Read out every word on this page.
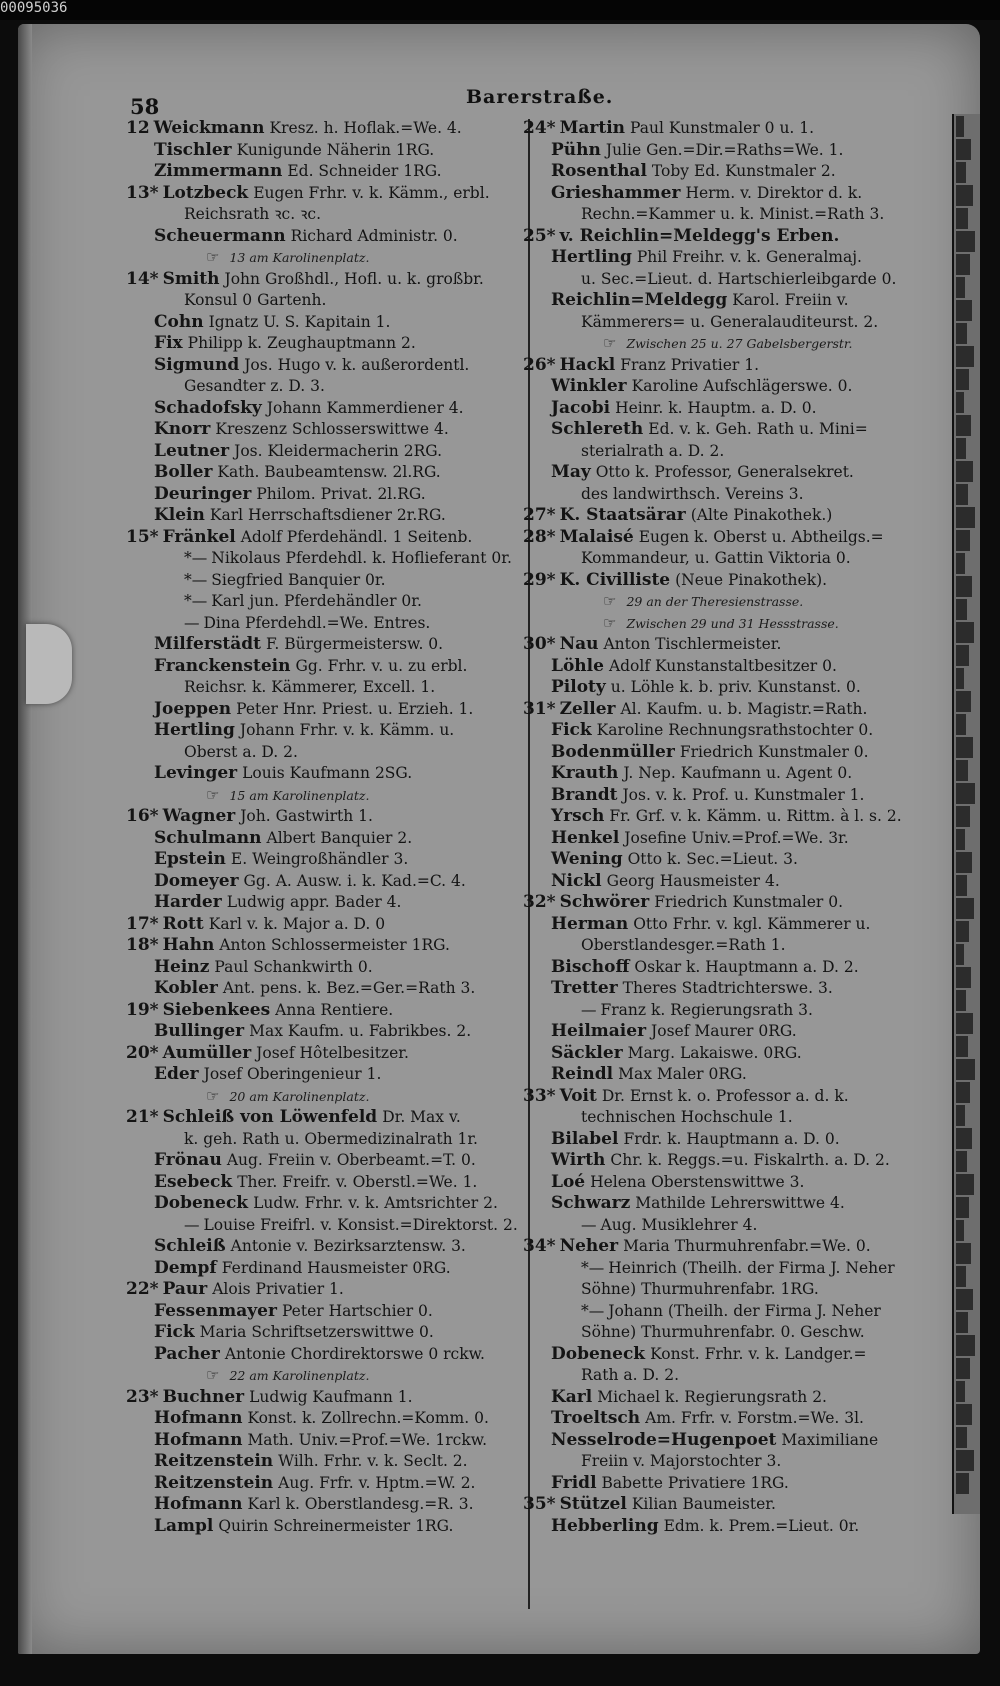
00095036
58	Barerstraße.
12 Weickmann Kresz. h. Hoflak.=We. 4.
Tischler Kunigunde Näherin 1RG.
Zimmermann Ed. Schneider 1RG.
13* Lotzbeck Eugen Frhr. v. k. Kämm., erbl.
Reichsrath ꝛc. ꝛc.
Scheuermann Richard Administr. 0.
☞ 13 am Karolinenplatz.
14* Smith John Großhdl., Hofl. u. k. großbr.
Konsul 0 Gartenh.
Cohn Ignatz U. S. Kapitain 1.
Fix Philipp k. Zeughauptmann 2.
Sigmund Jos. Hugo v. k. außerordentl.
Gesandter z. D. 3.
Schadofsky Johann Kammerdiener 4.
Knorr Kreszenz Schlosserswittwe 4.
Leutner Jos. Kleidermacherin 2RG.
Boller Kath. Baubeamtensw. 2l.RG.
Deuringer Philom. Privat. 2l.RG.
Klein Karl Herrschaftsdiener 2r.RG.
15* Fränkel Adolf Pferdehändl. 1 Seitenb.
*— Nikolaus Pferdehdl. k. Hoflieferant 0r.
*— Siegfried Banquier 0r.
*— Karl jun. Pferdehändler 0r.
— Dina Pferdehdl.=We. Entres.
Milferstädt F. Bürgermeistersw. 0.
Franckenstein Gg. Frhr. v. u. zu erbl.
Reichsr. k. Kämmerer, Excell. 1.
Joeppen Peter Hnr. Priest. u. Erzieh. 1.
Hertling Johann Frhr. v. k. Kämm. u.
Oberst a. D. 2.
Levinger Louis Kaufmann 2SG.
☞ 15 am Karolinenplatz.
16* Wagner Joh. Gastwirth 1.
Schulmann Albert Banquier 2.
Epstein E. Weingroßhändler 3.
Domeyer Gg. A. Ausw. i. k. Kad.=C. 4.
Harder Ludwig appr. Bader 4.
17* Rott Karl v. k. Major a. D. 0
18* Hahn Anton Schlossermeister 1RG.
Heinz Paul Schankwirth 0.
Kobler Ant. pens. k. Bez.=Ger.=Rath 3.
19* Siebenkees Anna Rentiere.
Bullinger Max Kaufm. u. Fabrikbes. 2.
20* Aumüller Josef Hôtelbesitzer.
Eder Josef Oberingenieur 1.
☞ 20 am Karolinenplatz.
21* Schleiß von Löwenfeld Dr. Max v.
k. geh. Rath u. Obermedizinalrath 1r.
Frönau Aug. Freiin v. Oberbeamt.=T. 0.
Esebeck Ther. Freifr. v. Oberstl.=We. 1.
Dobeneck Ludw. Frhr. v. k. Amtsrichter 2.
— Louise Freifrl. v. Konsist.=Direktorst. 2.
Schleiß Antonie v. Bezirksarztensw. 3.
Dempf Ferdinand Hausmeister 0RG.
22* Paur Alois Privatier 1.
Fessenmayer Peter Hartschier 0.
Fick Maria Schriftsetzerswittwe 0.
Pacher Antonie Chordirektorswe 0 rckw.
☞ 22 am Karolinenplatz.
23* Buchner Ludwig Kaufmann 1.
Hofmann Konst. k. Zollrechn.=Komm. 0.
Hofmann Math. Univ.=Prof.=We. 1rckw.
Reitzenstein Wilh. Frhr. v. k. Seclt. 2.
Reitzenstein Aug. Frfr. v. Hptm.=W. 2.
Hofmann Karl k. Oberstlandesg.=R. 3.
Lampl Quirin Schreinermeister 1RG.
24* Martin Paul Kunstmaler 0 u. 1.
Pühn Julie Gen.=Dir.=Raths=We. 1.
Rosenthal Toby Ed. Kunstmaler 2.
Grieshammer Herm. v. Direktor d. k.
Rechn.=Kammer u. k. Minist.=Rath 3.
25* v. Reichlin=Meldegg's Erben.
Hertling Phil Freihr. v. k. Generalmaj.
u. Sec.=Lieut. d. Hartschierleibgarde 0.
Reichlin=Meldegg Karol. Freiin v.
Kämmerers= u. Generalauditeurst. 2.
☞ Zwischen 25 u. 27 Gabelsbergerstr.
26* Hackl Franz Privatier 1.
Winkler Karoline Aufschlägerswe. 0.
Jacobi Heinr. k. Hauptm. a. D. 0.
Schlereth Ed. v. k. Geh. Rath u. Mini=
sterialrath a. D. 2.
May Otto k. Professor, Generalsekret.
des landwirthsch. Vereins 3.
27* K. Staatsärar (Alte Pinakothek.)
28* Malaisé Eugen k. Oberst u. Abtheilgs.=
Kommandeur, u. Gattin Viktoria 0.
29* K. Civilliste (Neue Pinakothek).
☞ 29 an der Theresienstrasse.
☞ Zwischen 29 und 31 Hessstrasse.
30* Nau Anton Tischlermeister.
Löhle Adolf Kunstanstaltbesitzer 0.
Piloty u. Löhle k. b. priv. Kunstanst. 0.
31* Zeller Al. Kaufm. u. b. Magistr.=Rath.
Fick Karoline Rechnungsrathstochter 0.
Bodenmüller Friedrich Kunstmaler 0.
Krauth J. Nep. Kaufmann u. Agent 0.
Brandt Jos. v. k. Prof. u. Kunstmaler 1.
Yrsch Fr. Grf. v. k. Kämm. u. Rittm. à l. s. 2.
Henkel Josefine Univ.=Prof.=We. 3r.
Wening Otto k. Sec.=Lieut. 3.
Nickl Georg Hausmeister 4.
32* Schwörer Friedrich Kunstmaler 0.
Herman Otto Frhr. v. kgl. Kämmerer u.
Oberstlandesger.=Rath 1.
Bischoff Oskar k. Hauptmann a. D. 2.
Tretter Theres Stadtrichterswe. 3.
— Franz k. Regierungsrath 3.
Heilmaier Josef Maurer 0RG.
Säckler Marg. Lakaiswe. 0RG.
Reindl Max Maler 0RG.
33* Voit Dr. Ernst k. o. Professor a. d. k.
technischen Hochschule 1.
Bilabel Frdr. k. Hauptmann a. D. 0.
Wirth Chr. k. Reggs.=u. Fiskalrth. a. D. 2.
Loé Helena Oberstenswittwe 3.
Schwarz Mathilde Lehrerswittwe 4.
— Aug. Musiklehrer 4.
34* Neher Maria Thurmuhrenfabr.=We. 0.
*— Heinrich (Theilh. der Firma J. Neher
Söhne) Thurmuhrenfabr. 1RG.
*— Johann (Theilh. der Firma J. Neher
Söhne) Thurmuhrenfabr. 0. Geschw.
Dobeneck Konst. Frhr. v. k. Landger.=
Rath a. D. 2.
Karl Michael k. Regierungsrath 2.
Troeltsch Am. Frfr. v. Forstm.=We. 3l.
Nesselrode=Hugenpoet Maximiliane
Freiin v. Majorstochter 3.
Fridl Babette Privatiere 1RG.
35* Stützel Kilian Baumeister.
Hebberling Edm. k. Prem.=Lieut. 0r.
